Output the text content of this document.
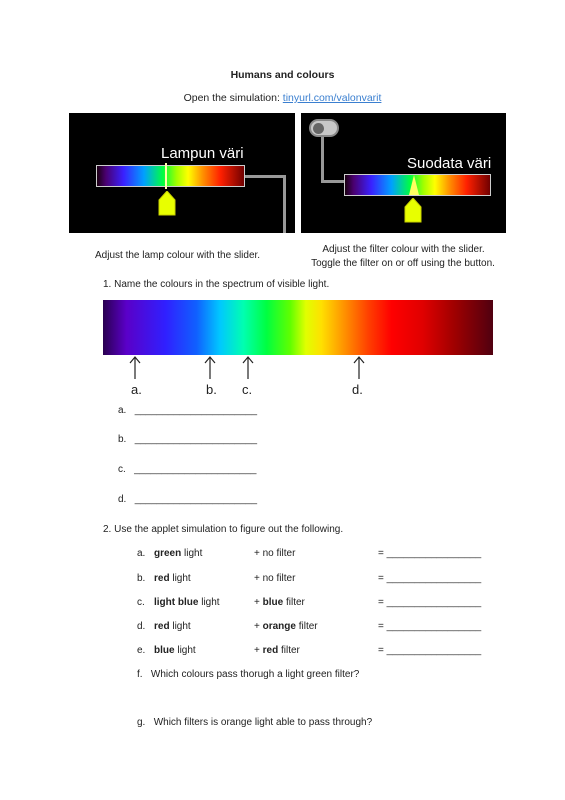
Humans and colours
Open the simulation: tinyurl.com/valonvarit
Lampun väri
Suodata väri
Adjust the lamp colour with the slider.
Adjust the filter colour with the slider.
Toggle the filter on or off using the button.
1. Name the colours in the spectrum of visible light.
a.	b. c.	d.
a. ______________________
b. ______________________
c. ______________________
d. ______________________
2. Use the applet simulation to figure out the following.
a. green light	+ no filter	= _________________
b. red light	+ no filter	= _________________
c. light blue light	+ blue filter	= _________________
d. red light	+ orange filter	= _________________
e. blue light	+ red filter	= _________________
f. Which colours pass thorugh a light green filter?
g. Which filters is orange light able to pass through?
